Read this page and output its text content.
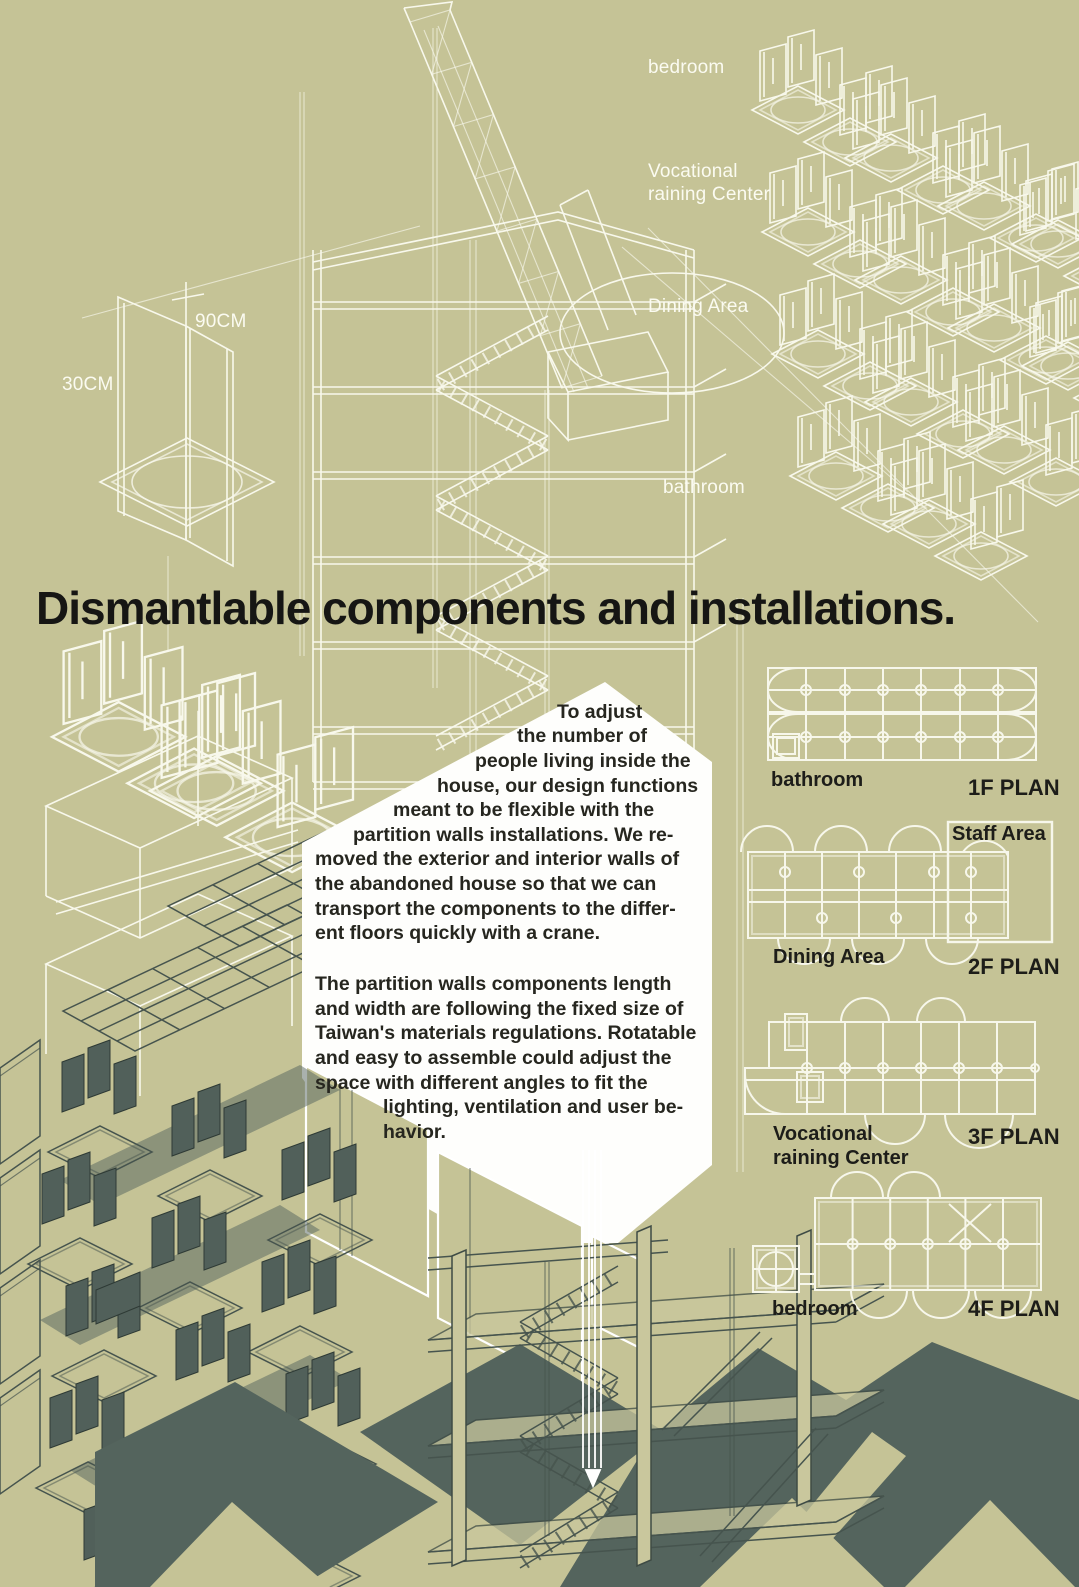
bedroom
Vocational
raining Center
Dining Area
bathroom
30CM
90CM
Dismantlable components and installations.
To adjust
the number of
people living inside the
house, our design functions
meant to be flexible with the
partition walls installations. We re-
moved the exterior and interior walls of
the abandoned house so that we can
transport the components to the differ-
ent floors quickly with a crane.
The partition walls components length
and width are following the fixed size of
Taiwan's materials regulations. Rotatable
and easy to assemble could adjust the
space with different angles to fit the
lighting, ventilation and user be-
havior.
bathroom	1F PLAN
Staff Area
Dining Area	2F PLAN
Vocational
raining Center
3F PLAN
bedroom	4F PLAN
